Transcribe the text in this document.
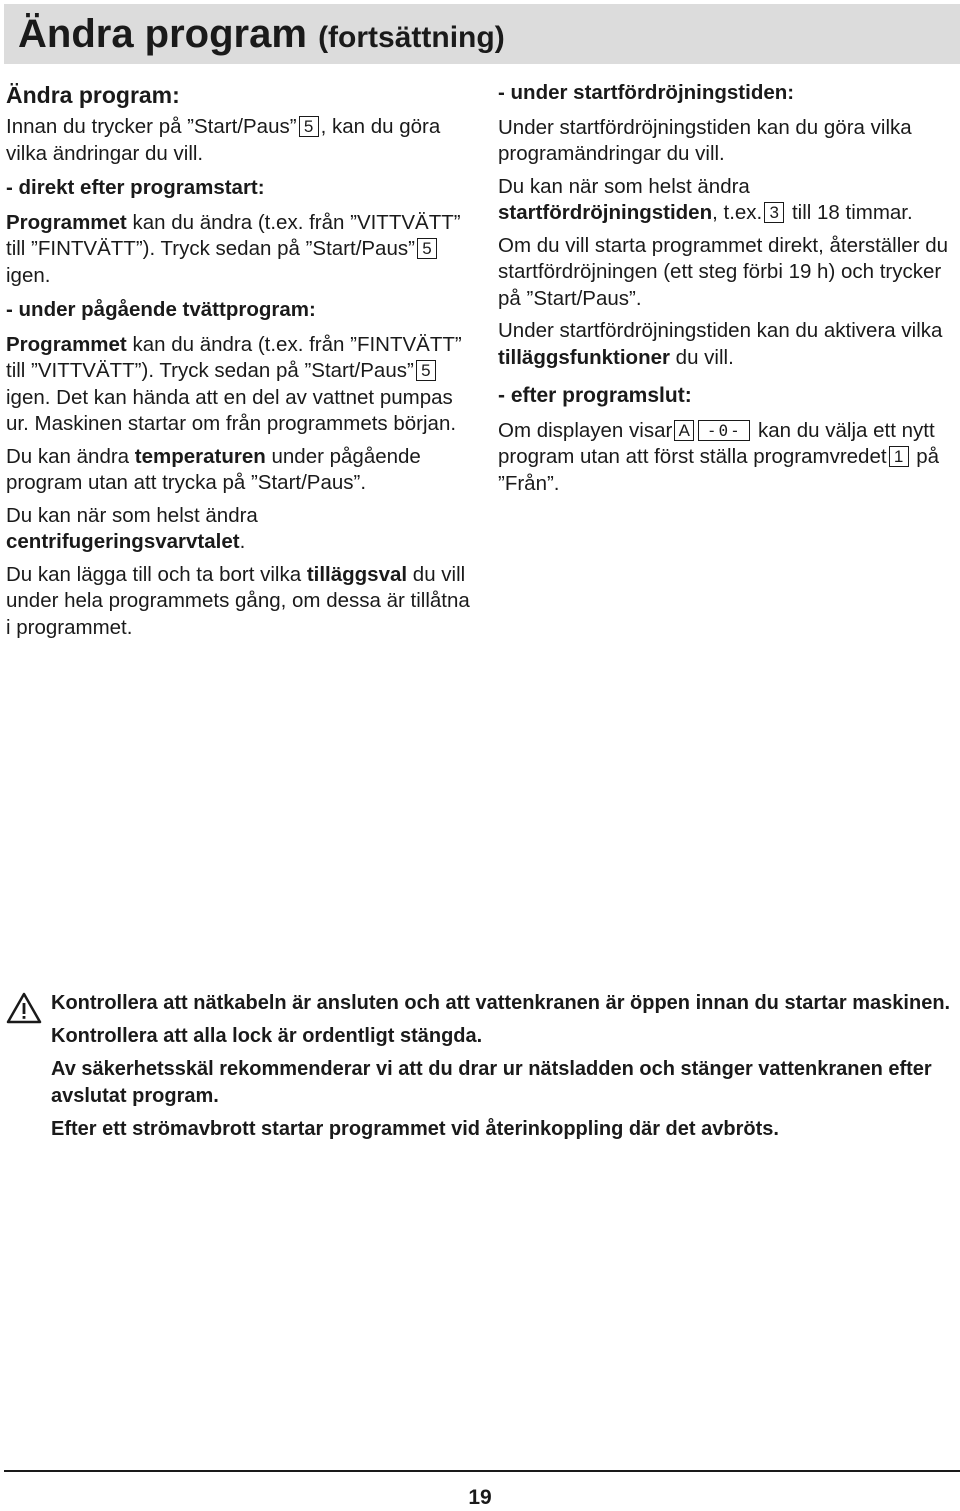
Ändra program (fortsättning)

Ändra program:

Innan du trycker på ”Start/Paus” 5 , kan du göra vilka ändringar du vill.

- direkt efter programstart:

Programmet kan du ändra (t.ex. från ”VITTVÄTT” till ”FINTVÄTT”). Tryck sedan på ”Start/Paus” 5 igen.

- under pågående tvättprogram:

Programmet kan du ändra (t.ex. från ”FINTVÄTT” till ”VITTVÄTT”). Tryck sedan på ”Start/Paus” 5 igen. Det kan hända att en del av vattnet pumpas ur. Maskinen startar om från programmets början.

Du kan ändra temperaturen under pågående program utan att trycka på ”Start/Paus”.

Du kan när som helst ändra centrifugeringsvarvtalet.

Du kan lägga till och ta bort vilka tilläggsval du vill under hela programmets gång, om dessa är tillåtna i programmet.

- under startfördröjningstiden:

Under startfördröjningstiden kan du göra vilka programändringar du vill.

Du kan när som helst ändra startfördröjningstiden, t.ex. 3 till 18 timmar.

Om du vill starta programmet direkt, återställer du startfördröjningen (ett steg förbi 19 h) och trycker på ”Start/Paus”.

Under startfördröjningstiden kan du aktivera vilka tilläggsfunktioner du vill.

- efter programslut:

Om displayen visar A -0- kan du välja ett nytt program utan att först ställa programvredet 1 på ”Från”.

Kontrollera att nätkabeln är ansluten och att vattenkranen är öppen innan du startar maskinen.

Kontrollera att alla lock är ordentligt stängda.

Av säkerhetsskäl rekommenderar vi att du drar ur nätsladden och stänger vattenkranen efter avslutat program.

Efter ett strömavbrott startar programmet vid återinkoppling där det avbröts.

19
